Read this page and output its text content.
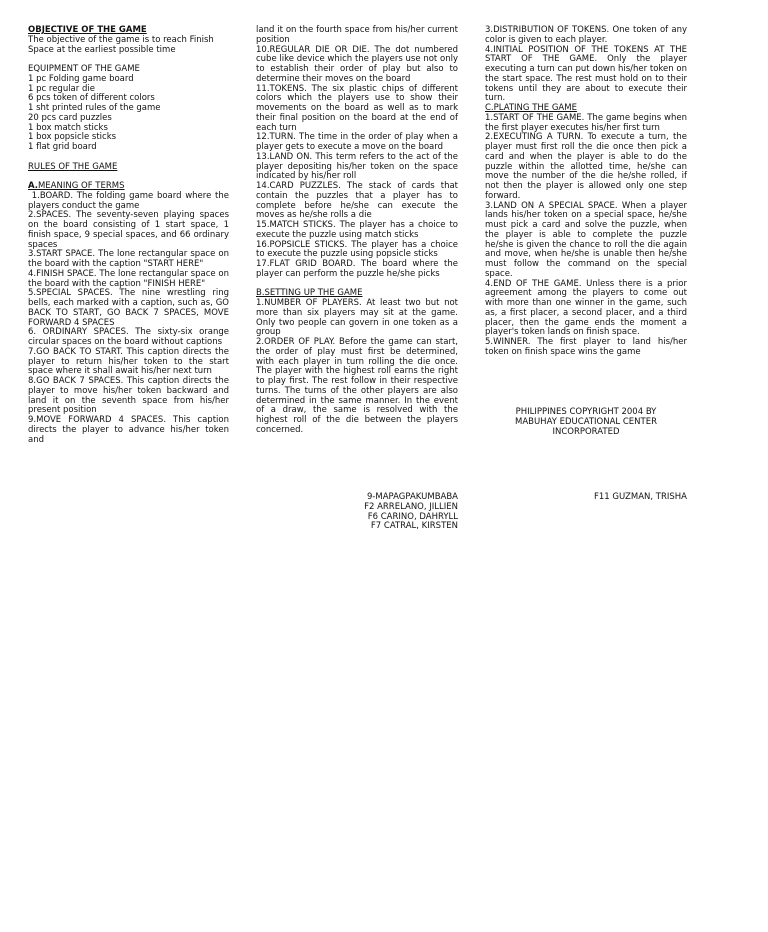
OBJECTIVE OF THE GAME

The objective of the game is to reach Finish Space at the earliest possible time

EQUIPMENT OF THE GAME

1 pc Folding game board

1 pc regular die

6 pcs token of different colors

1 sht printed rules of the game

20 pcs card puzzles

1 box match sticks

1 box popsicle sticks

1 flat grid board

RULES OF THE GAME

A.MEANING OF TERMS

1.BOARD. The folding game board where the players conduct the game

2.SPACES. The seventy-seven playing spaces on the board consisting of 1 start space, 1 finish space, 9 special spaces, and 66 ordinary spaces

3.START SPACE. The lone rectangular space on the board with the caption "START HERE"

4.FINISH SPACE. The lone rectangular space on the board with the caption "FINISH HERE"

5.SPECIAL SPACES. The nine wrestling ring bells, each marked with a caption, such as, GO BACK TO START, GO BACK 7 SPACES, MOVE FORWARD 4 SPACES

6. ORDINARY SPACES. The sixty-six orange circular spaces on the board without captions

7.GO BACK TO START. This caption directs the player to return his/her token to the start space where it shall await his/her next turn

8.GO BACK 7 SPACES. This caption directs the player to move his/her token backward and land it on the seventh space from his/her present position

9.MOVE FORWARD 4 SPACES. This caption directs the player to advance his/her token and

land it on the fourth space from his/her current position

10.REGULAR DIE OR DIE. The dot numbered cube like device which the players use not only to establish their order of play but also to determine their moves on the board

11.TOKENS. The six plastic chips of different colors which the players use to show their movements on the board as well as to mark their final position on the board at the end of each turn

12.TURN. The time in the order of play when a player gets to execute a move on the board

13.LAND ON. This term refers to the act of the player depositing his/her token on the space indicated by his/her roll

14.CARD PUZZLES. The stack of cards that contain the puzzles that a player has to complete before he/she can execute the moves as he/she rolls a die

15.MATCH STICKS. The player has a choice to execute the puzzle using match sticks

16.POPSICLE STICKS. The player has a choice to execute the puzzle using popsicle sticks

17.FLAT GRID BOARD. The board where the player can perform the puzzle he/she picks

B.SETTING UP THE GAME

1.NUMBER OF PLAYERS. At least two but not more than six players may sit at the game. Only two people can govern in one token as a group

2.ORDER OF PLAY. Before the game can start, the order of play must first be determined, with each player in turn rolling the die once. The player with the highest roll earns the right to play first. The rest follow in their respective turns. The turns of the other players are also determined in the same manner. In the event of a draw, the same is resolved with the highest roll of the die between the players concerned.

3.DISTRIBUTION OF TOKENS. One token of any color is given to each player.

4.INITIAL POSITION OF THE TOKENS AT THE START OF THE GAME. Only the player executing a turn can put down his/her token on the start space. The rest must hold on to their tokens until they are about to execute their turn.

C.PLATING THE GAME

1.START OF THE GAME. The game begins when the first player executes his/her first turn

2.EXECUTING A TURN. To execute a turn, the player must first roll the die once then pick a card and when the player is able to do the puzzle within the allotted time, he/she can move the number of the die he/she rolled, if not then the player is allowed only one step forward.

3.LAND ON A SPECIAL SPACE. When a player lands his/her token on a special space, he/she must pick a card and solve the puzzle, when the player is able to complete the puzzle he/she is given the chance to roll the die again and move, when he/she is unable then he/she must follow the command on the special space.

4.END OF THE GAME. Unless there is a prior agreement among the players to come out with more than one winner in the game, such as, a first placer, a second placer, and a third placer, then the game ends the moment a player's token lands on finish space.

5.WINNER. The first player to land his/her token on finish space wins the game

PHILIPPINES COPYRIGHT 2004 BY

MABUHAY EDUCATIONAL CENTER

INCORPORATED

9-MAPAGPAKUMBABA

F2 ARRELANO, JILLIEN

F6 CARINO, DAHRYLL

F7 CATRAL, KIRSTEN

F11 GUZMAN, TRISHA
